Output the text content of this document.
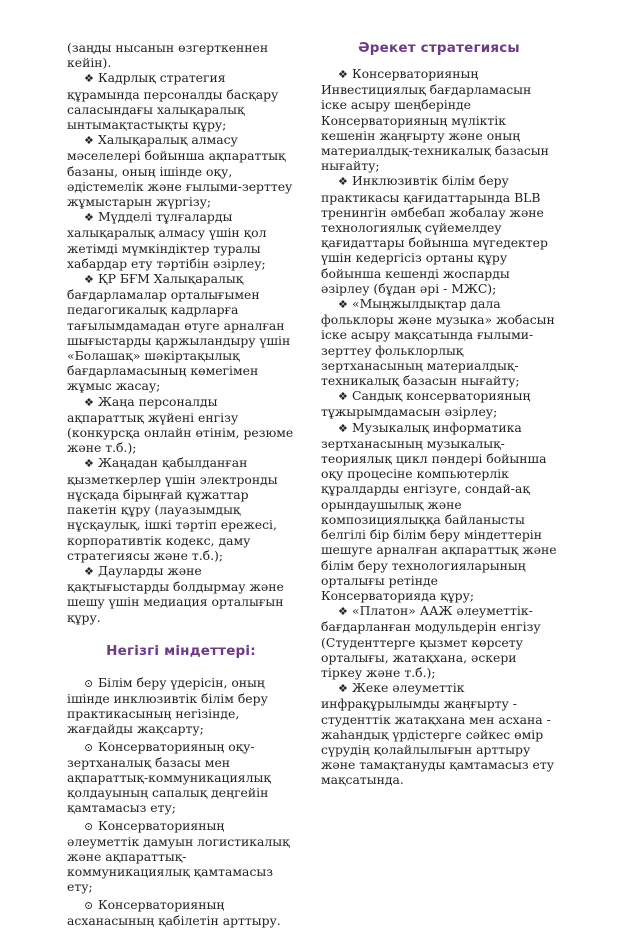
(заңды нысанын өзгерткеннен кейін).

❖ Кадрлық стратегия құрамында персоналды басқару саласындағы халықаралық ынтымақтастықты құру;

❖ Халықаралық алмасу мәселелері бойынша ақпараттық базаны, оның ішінде оқу, әдістемелік және ғылыми-зерттеу жұмыстарын жүргізу;

❖ Мүдделі тұлғаларды халықаралық алмасу үшін қол жетімді мүмкіндіктер туралы хабардар ету тәртібін әзірлеу;

❖ ҚР БҒМ Халықаралық бағдарламалар орталығымен педагогикалық кадрларға тағылымдамадан өтуге арналған шығыстарды қаржыландыру үшін «Болашақ» шәкіртақылық бағдарламасының көмегімен жұмыс жасау;

❖ Жаңа персоналды ақпараттық жүйені енгізу (конкурсқа онлайн өтінім, резюме және т.б.);

❖ Жаңадан қабылданған қызметкерлер үшін электронды нұсқада бірыңғай құжаттар пакетін құру (лауазымдық нұсқаулық, ішкі тәртіп ережесі, корпоративтік кодекс, даму стратегиясы және т.б.);

❖ Дауларды және қақтығыстарды болдырмау және шешу үшін медиация орталығын құру.

Негізгі міндеттері:

⊙ Білім беру үдерісін, оның ішінде инклюзивтік білім беру практикасының негізінде, жағдайды жақсарту;

⊙ Консерваторияның оқу-зертханалық базасы мен ақпараттық-коммуникациялық қолдауының сапалық деңгейін қамтамасыз ету;

⊙ Консерваторияның әлеуметтік дамуын логистикалық және ақпараттық-коммуникациялық қамтамасыз ету;

⊙ Консерваторияның асханасының қабілетін арттыру.

Әрекет стратегиясы

❖ Консерваторияның Инвестициялық бағдарламасын іске асыру шеңберінде Консерваторияның мүліктік кешенін жаңғырту және оның материалдық-техникалық базасын нығайту;

❖ Инклюзивтік білім беру практикасы қағидаттарында BLB тренингін әмбебап жобалау және технологиялық сүйемелдеу қағидаттары бойынша мүгедектер үшін кедергісіз ортаны құру бойынша кешенді жоспарды әзірлеу (бұдан әрі - МЖС);

❖ «Мыңжылдықтар дала фольклоры және музыка» жобасын іске асыру мақсатында ғылыми-зерттеу фольклорлық зертханасының материалдық-техникалық базасын нығайту;

❖ Сандық консерваторияның тұжырымдамасын әзірлеу;

❖ Музыкалық информатика зертханасының музыкалық-теориялық цикл пәндері бойынша оқу процесіне компьютерлік құралдарды енгізуге, сондай-ақ орындаушылық және композициялыққа байланысты белгілі бір білім беру міндеттерін шешуге арналған ақпараттық және білім беру технологияларының орталығы ретінде Консерваторияда құру;

❖ «Платон» ААЖ әлеуметтік-бағдарланған модульдерін енгізу (Студенттерге қызмет көрсету орталығы, жатақхана, әскери тіркеу және т.б.);

❖ Жеке әлеуметтік инфрақұрылымды жаңғырту - студенттік жатақхана мен асхана - жаһандық үрдістерге сәйкес өмір сүрудің қолайлылығын арттыру және тамақтануды қамтамасыз ету мақсатында.
